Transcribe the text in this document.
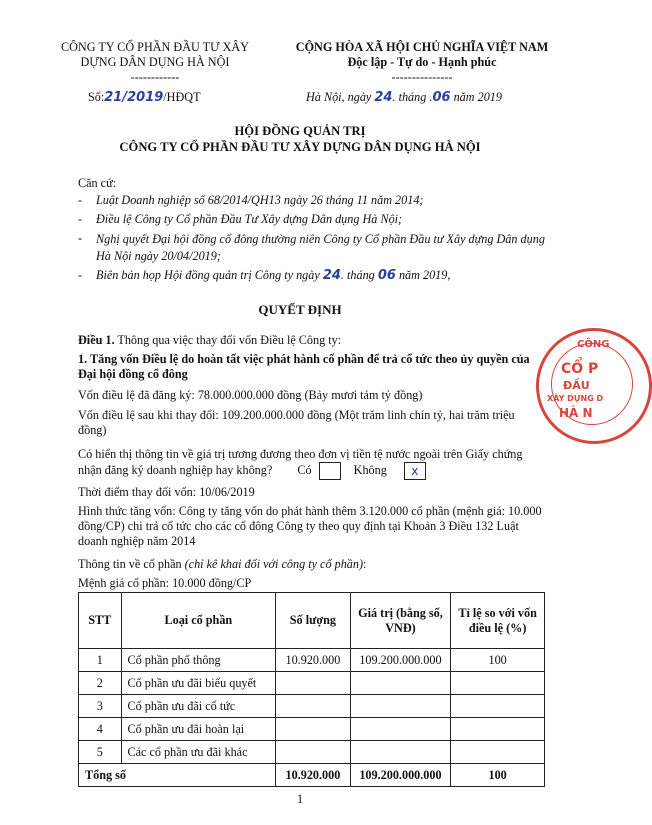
CÔNG TY CỔ PHẦN ĐẦU TƯ XÂY
DỰNG DÂN DỤNG HÀ NỘI
------------
CỘNG HÒA XÃ HỘI CHỦ NGHĨA VIỆT NAM
Độc lập - Tự do - Hạnh phúc
---------------
Số:21/2019/HĐQT	Hà Nội, ngày 24. tháng .06 năm 2019
HỘI ĐỒNG QUẢN TRỊ
CÔNG TY CỔ PHẦN ĐẦU TƯ XÂY DỰNG DÂN DỤNG HÀ NỘI
Căn cứ:
- Luật Doanh nghiệp số 68/2014/QH13 ngày 26 tháng 11 năm 2014;
- Điều lệ Công ty Cổ phần Đầu Tư Xây dựng Dân dụng Hà Nội;
- Nghị quyết Đại hội đồng cổ đông thường niên Công ty Cổ phần Đầu tư Xây dựng Dân dụng Hà Nội ngày 20/04/2019;
- Biên bản họp Hội đồng quản trị Công ty ngày 24. tháng 06 năm 2019,
QUYẾT ĐỊNH
Điều 1. Thông qua việc thay đổi vốn Điều lệ Công ty:
1. Tăng vốn Điều lệ do hoàn tất việc phát hành cổ phần để trả cổ tức theo ủy quyền của Đại hội đồng cổ đông
Vốn điều lệ đã đăng ký: 78.000.000.000 đồng (Bảy mươi tám tỷ đồng)
Vốn điều lệ sau khi thay đổi: 109.200.000.000 đồng (Một trăm linh chín tỷ, hai trăm triệu đồng)
Có hiển thị thông tin về giá trị tương đương theo đơn vị tiền tệ nước ngoài trên Giấy chứng nhận đăng ký doanh nghiệp hay không? Có	Không x
Thời điểm thay đổi vốn: 10/06/2019
Hình thức tăng vốn: Công ty tăng vốn do phát hành thêm 3.120.000 cổ phần (mệnh giá: 10.000 đồng/CP) chi trả cổ tức cho các cổ đông Công ty theo quy định tại Khoản 3 Điều 132 Luật doanh nghiệp năm 2014
Thông tin về cổ phần (chỉ kê khai đối với công ty cổ phần):
Mệnh giá cổ phần: 10.000 đồng/CP
STT	Loại cổ phần	Số lượng	Giá trị (bằng số, VNĐ)	Tỉ lệ so với vốn điều lệ (%)
1	Cổ phần phổ thông	10.920.000	109.200.000.000	100
2	Cổ phần ưu đãi biểu quyết			
3	Cổ phần ưu đãi cổ tức			
4	Cổ phần ưu đãi hoàn lại			
5	Các cổ phần ưu đãi khác			
Tổng số		10.920.000	109.200.000.000	100
CÔNG
CỔ P
ĐẦU
XÂY DỰNG D
HÀ N
1
